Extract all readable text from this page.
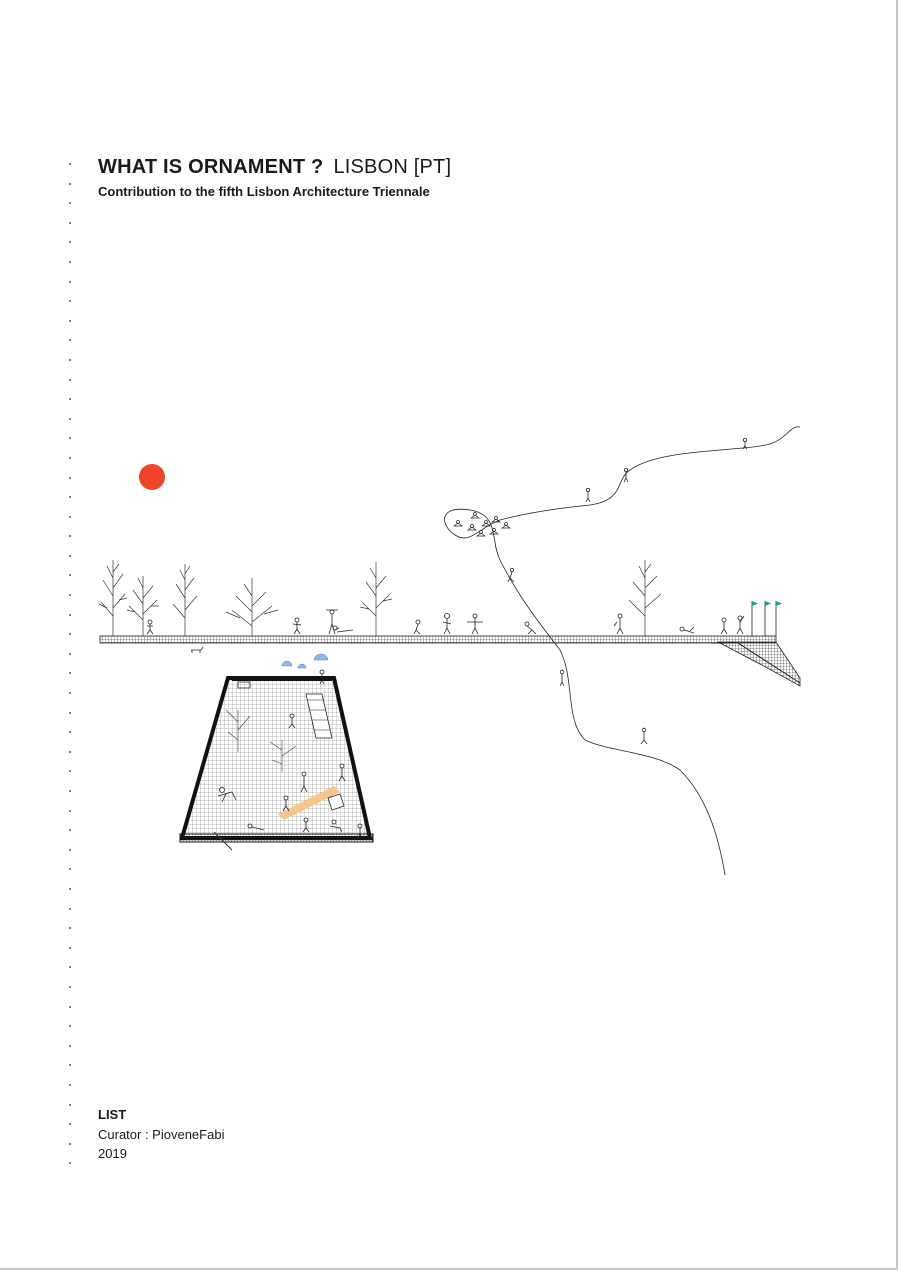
WHAT IS ORNAMENT ? LISBON [PT]
Contribution to the fifth Lisbon Architecture Triennale
LIST
Curator : PioveneFabi
2019
